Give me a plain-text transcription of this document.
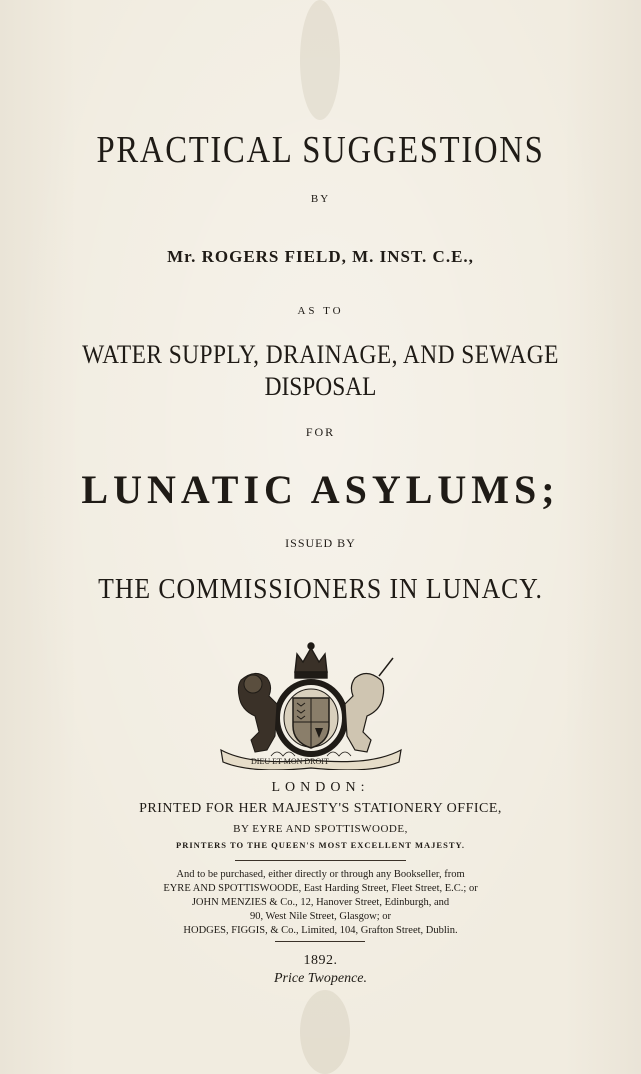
PRACTICAL SUGGESTIONS
BY
Mr. ROGERS FIELD, M. INST. C.E.,
AS TO
WATER SUPPLY, DRAINAGE, AND SEWAGE
DISPOSAL
FOR
LUNATIC ASYLUMS;
ISSUED BY
THE COMMISSIONERS IN LUNACY.
DIEU ET MON DROIT
LONDON:
PRINTED FOR HER MAJESTY'S STATIONERY OFFICE,
BY EYRE AND SPOTTISWOODE,
PRINTERS TO THE QUEEN'S MOST EXCELLENT MAJESTY.
And to be purchased, either directly or through any Bookseller, from
EYRE AND SPOTTISWOODE, East Harding Street, Fleet Street, E.C.; or
JOHN MENZIES & Co., 12, Hanover Street, Edinburgh, and
90, West Nile Street, Glasgow; or
HODGES, FIGGIS, & Co., Limited, 104, Grafton Street, Dublin.
1892.
Price Twopence.
